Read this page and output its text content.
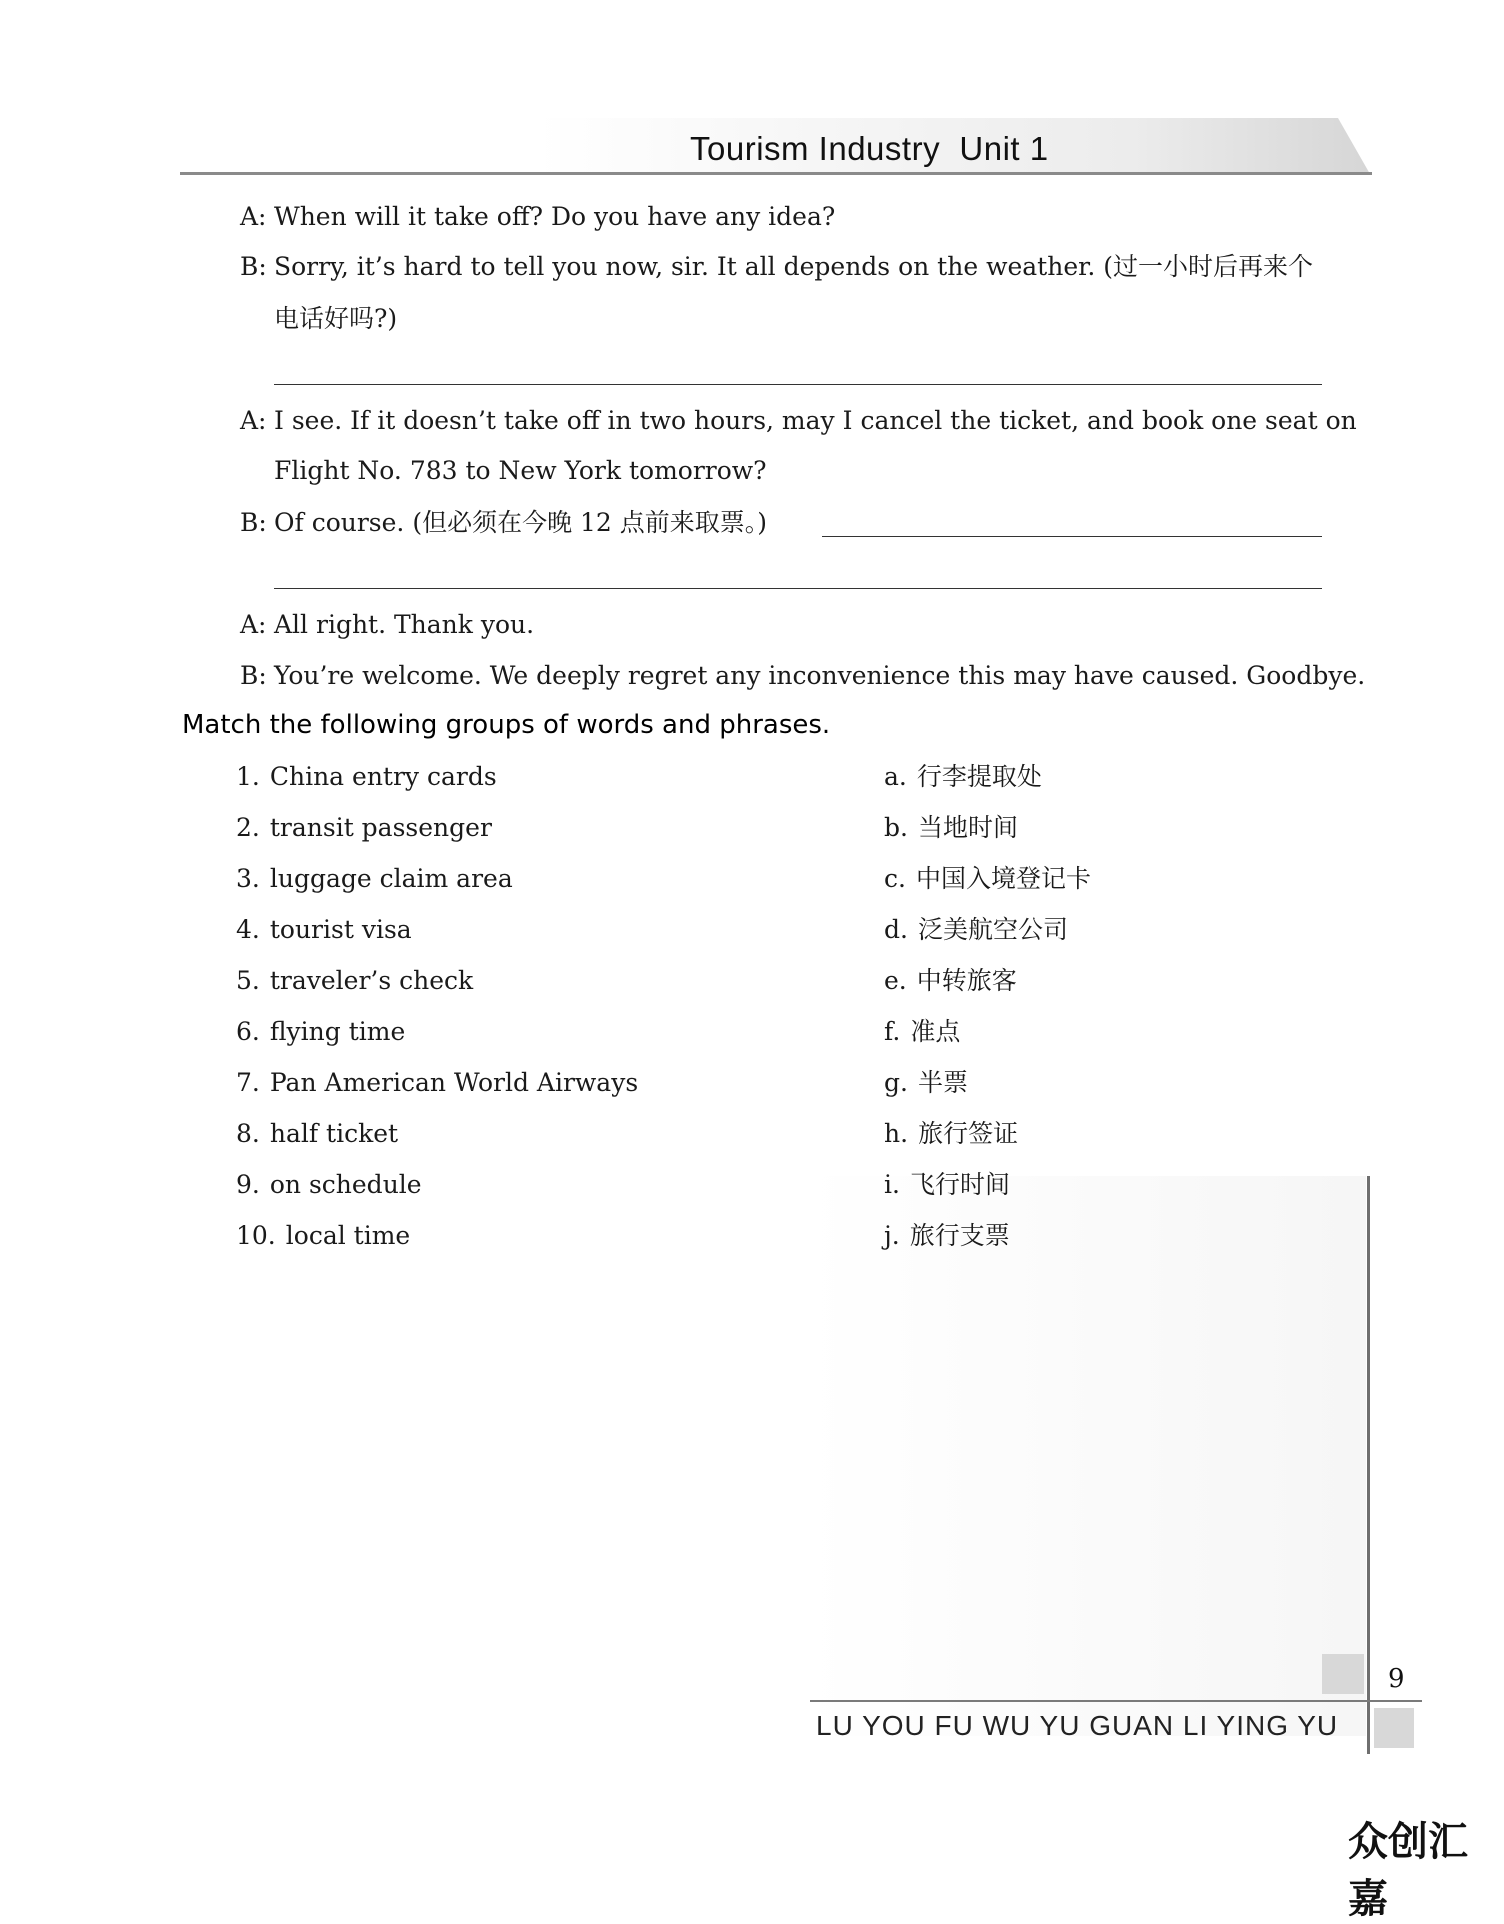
Tourism Industry  Unit 1
A: When will it take off? Do you have any idea?
B: Sorry, it’s hard to tell you now, sir. It all depends on the weather. (过一小时后再来个
电话好吗?)
A: I see. If it doesn’t take off in two hours, may I cancel the ticket, and book one seat on
Flight No. 783 to New York tomorrow?
B: Of course. (但必须在今晚 12 点前来取票。)
A: All right. Thank you.
B: You’re welcome. We deeply regret any inconvenience this may have caused. Goodbye.
Match the following groups of words and phrases.
1. China entry cards
2. transit passenger
3. luggage claim area
4. tourist visa
5. traveler’s check
6. flying time
7. Pan American World Airways
8. half ticket
9. on schedule
10. local time
a. 行李提取处
b. 当地时间
c. 中国入境登记卡
d. 泛美航空公司
e. 中转旅客
f. 准点
g. 半票
h. 旅行签证
i. 飞行时间
j. 旅行支票
9
LU YOU FU WU YU GUAN LI YING YU
众创汇嘉
